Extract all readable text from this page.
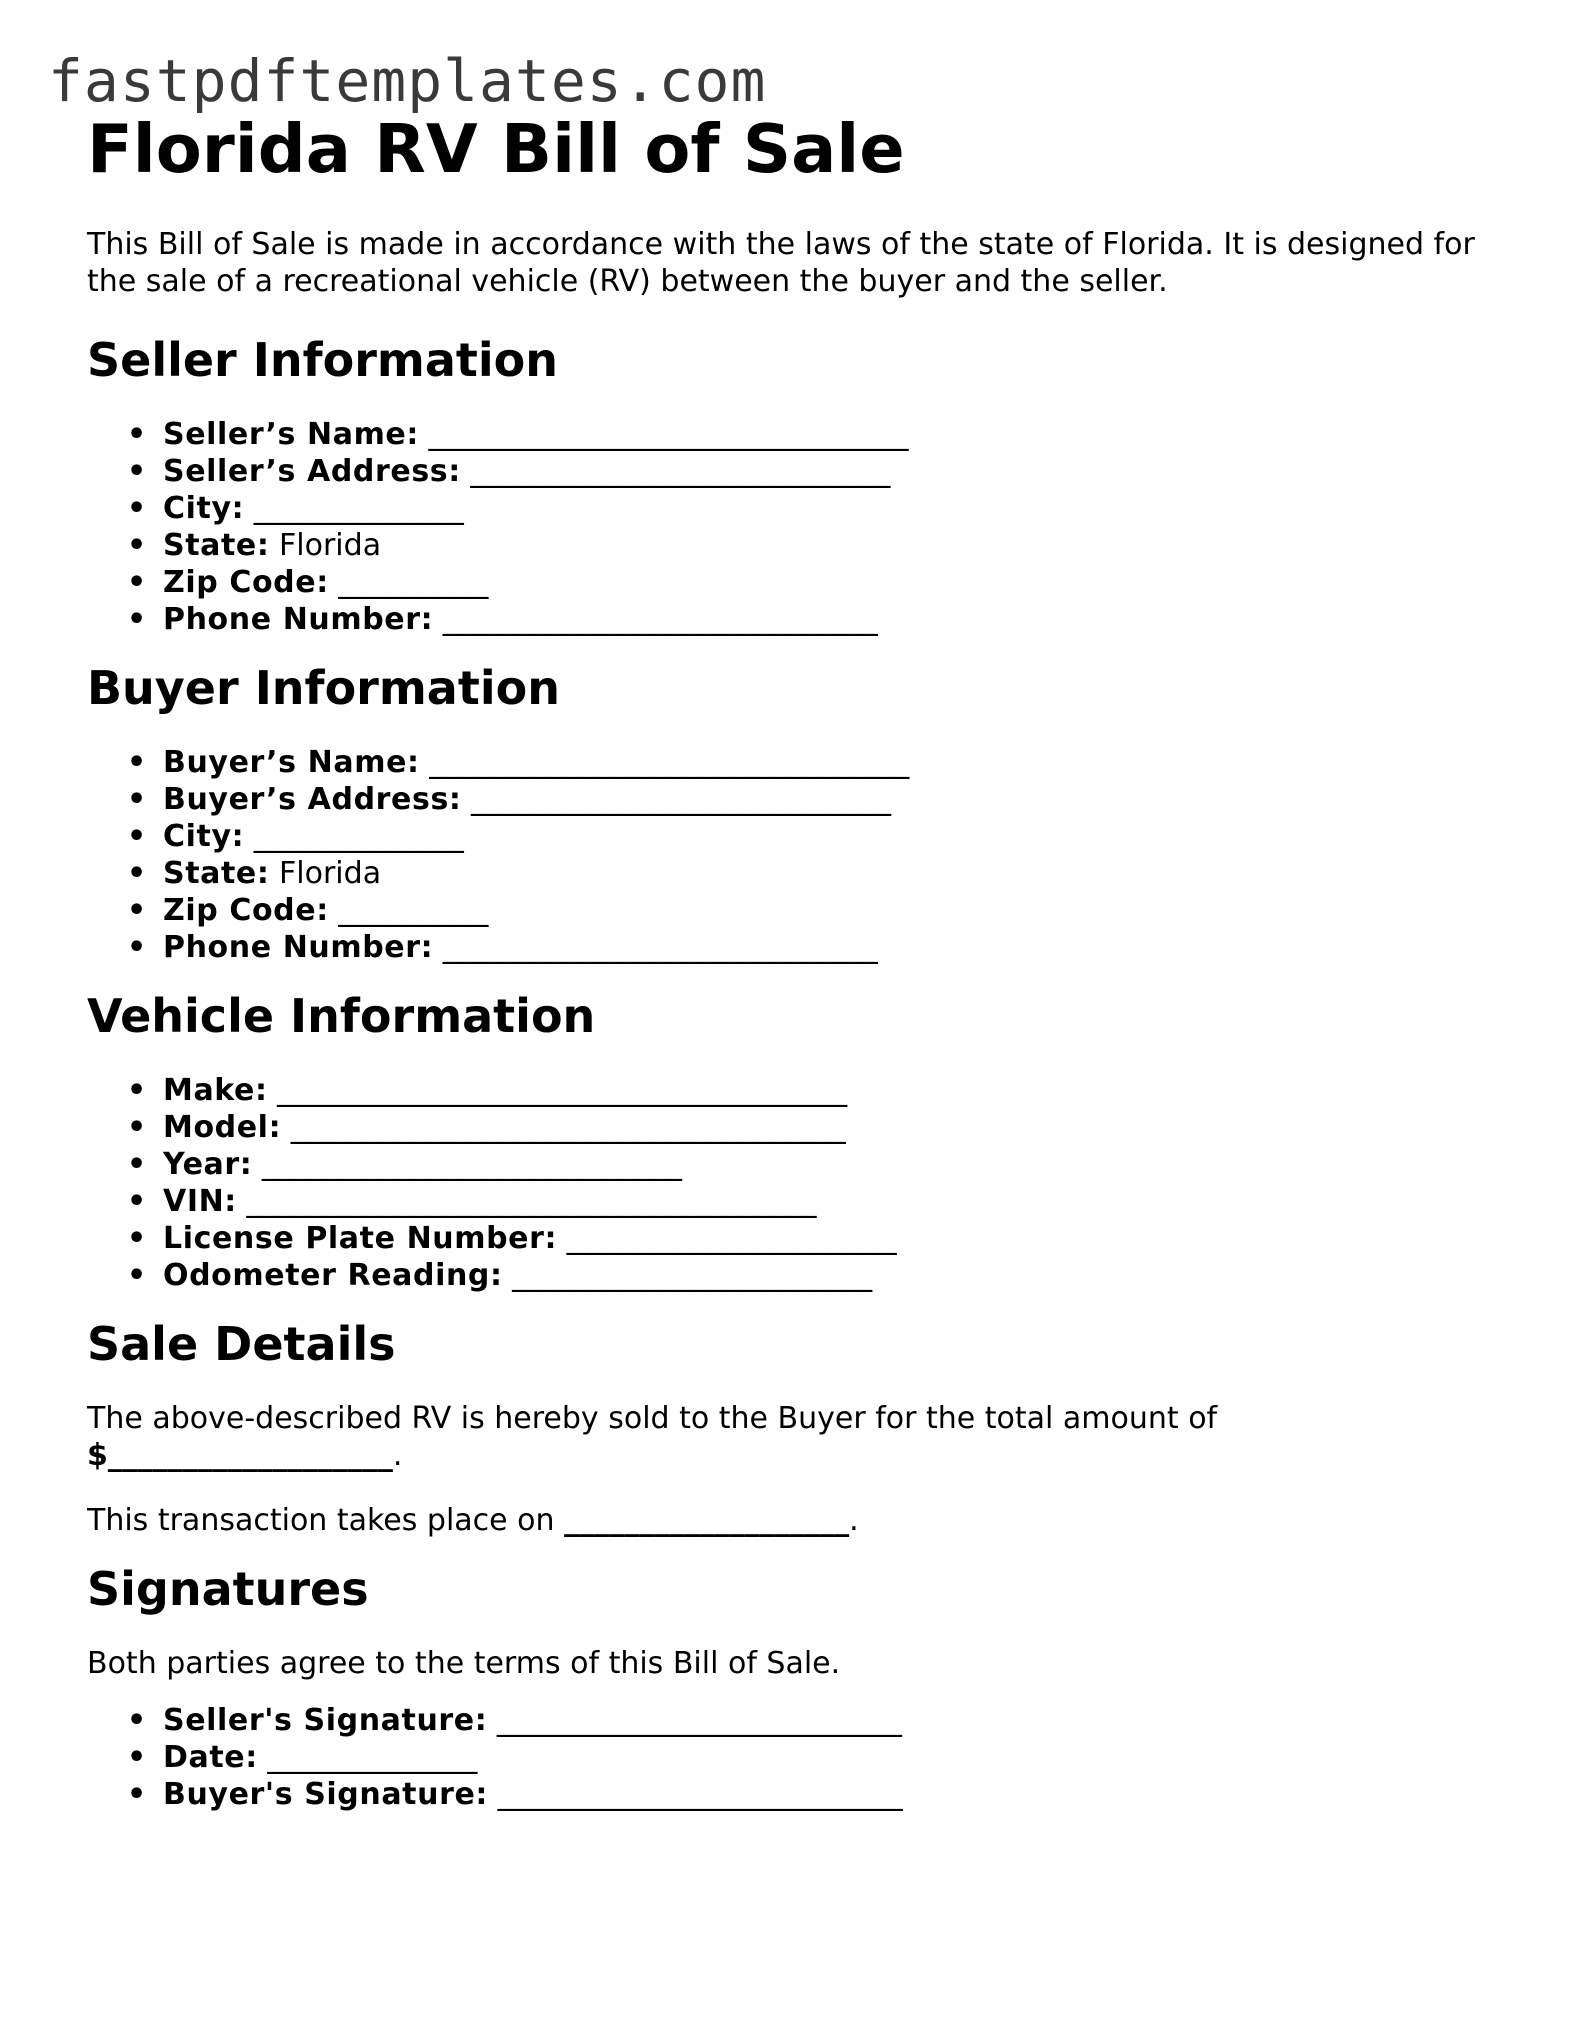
fastpdftemplates.com
Florida RV Bill of Sale

This Bill of Sale is made in accordance with the laws of the state of Florida. It is designed for the sale of a recreational vehicle (RV) between the buyer and the seller.

Seller Information
• Seller’s Name: ________________________________
• Seller’s Address: ____________________________
• City: ______________
• State: Florida
• Zip Code: __________
• Phone Number: _____________________________
Buyer Information
• Buyer’s Name: ________________________________
• Buyer’s Address: ____________________________
• City: ______________
• State: Florida
• Zip Code: __________
• Phone Number: _____________________________
Vehicle Information
• Make: ______________________________________
• Model: _____________________________________
• Year: ____________________________
• VIN: ______________________________________
• License Plate Number: ______________________
• Odometer Reading: ________________________
Sale Details

The above-described RV is hereby sold to the Buyer for the total amount of $___________________.

This transaction takes place on ___________________.

Signatures

Both parties agree to the terms of this Bill of Sale.

• Seller's Signature: ___________________________
• Date: ______________
• Buyer's Signature: ___________________________
